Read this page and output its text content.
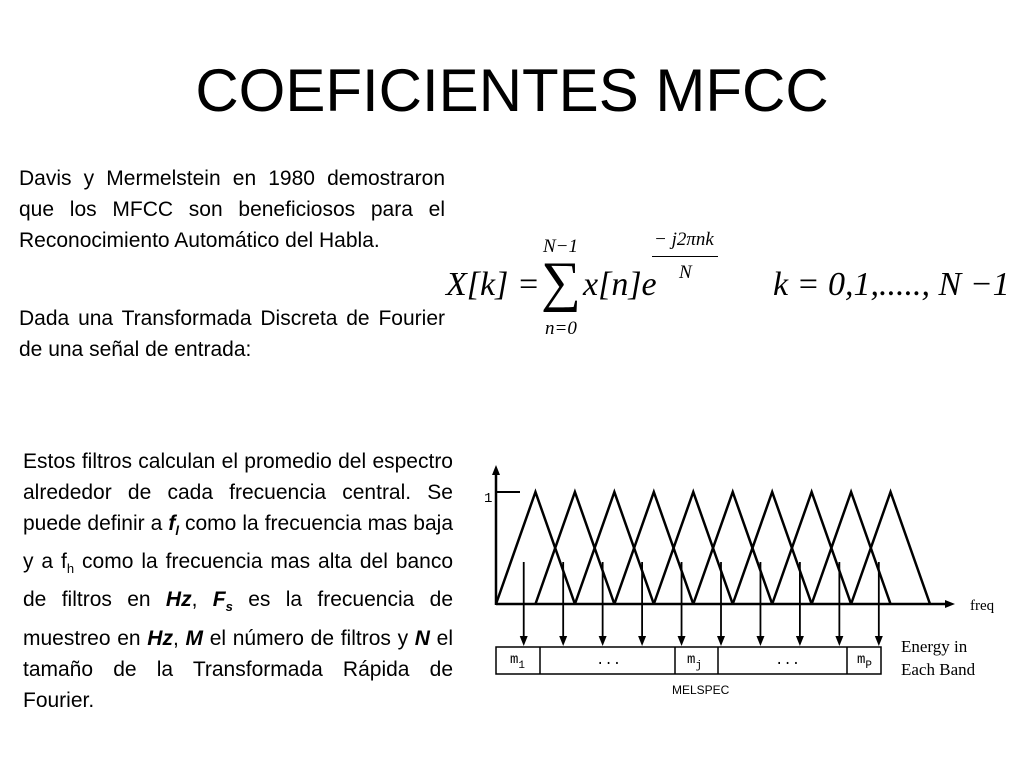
COEFICIENTES MFCC

Davis y Mermelstein en 1980 demostraron que los MFCC son beneficiosos para el Reconocimiento Automático del Habla.

Dada una Transformada Discreta de Fourier de una señal de entrada:

Estos filtros calculan el promedio del espectro alrededor de cada frecuencia central. Se puede definir a $f_l$ como la frecuencia mas baja y a $f_h$ como la frecuencia mas alta del banco de filtros en Hz, $F_s$ es la frecuencia de muestreo en Hz, M el número de filtros y N el tamaño de la Transformada Rápida de Fourier.

X[k] =
N−1
∑
n=0
x[n]e
− j2πnk
N k = 0,1,....., N −1
1
freq
$m_1$	...	$m_j$	...	$m_P$
Energy in
Each Band
MELSPEC
